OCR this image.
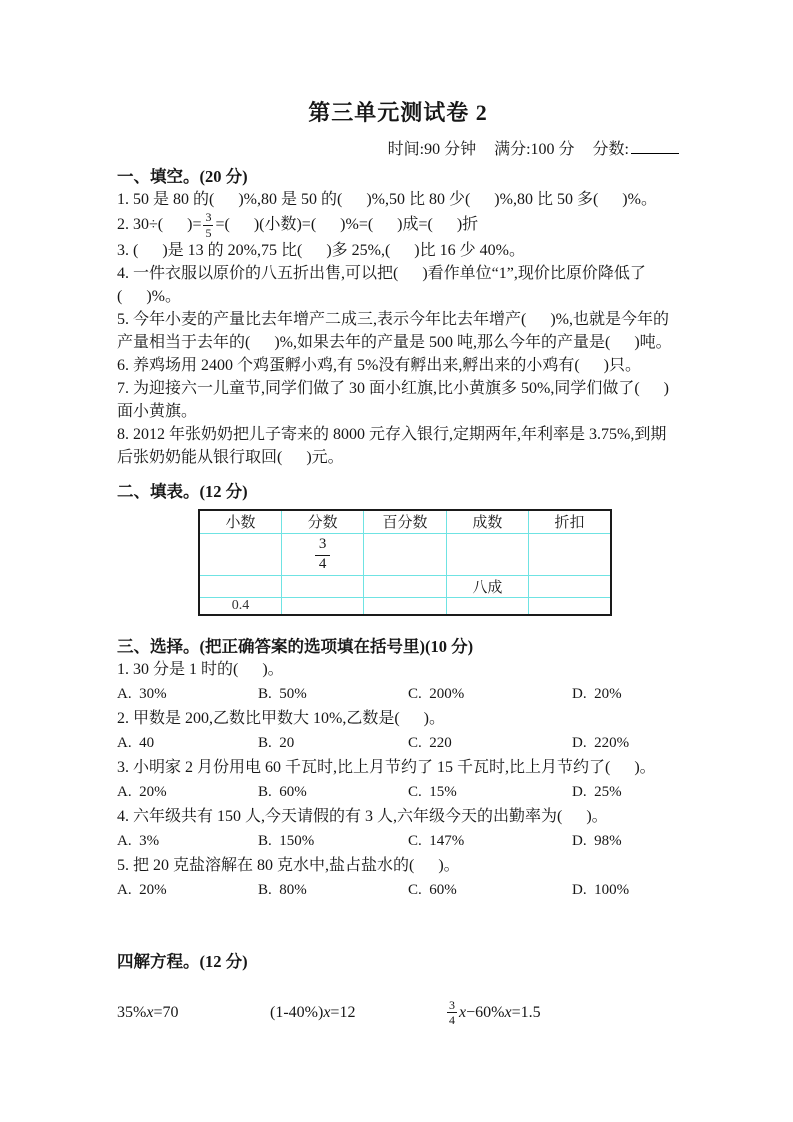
第三单元测试卷 2
时间:90 分钟 满分:100 分 分数:
一、填空。(20 分)

1. 50 是 80 的(      )%,80 是 50 的(      )%,50 比 80 少(      )%,80 比 50 多(      )%。

2. 30÷(      )= $\frac{3}{5}$ =(      )(小数)=(      )%=(      )成=(      )折

3. (      )是 13 的 20%,75 比(      )多 25%,(      )比 16 少 40%。

4. 一件衣服以原价的八五折出售,可以把(      )看作单位“1”,现价比原价降低了(      )%。

5. 今年小麦的产量比去年增产二成三,表示今年比去年增产(      )%,也就是今年的产量相当于去年的(      )%,如果去年的产量是 500 吨,那么今年的产量是(      )吨。

6. 养鸡场用 2400 个鸡蛋孵小鸡,有 5%没有孵出来,孵出来的小鸡有(      )只。

7. 为迎接六一儿童节,同学们做了 30 面小红旗,比小黄旗多 50%,同学们做了(      )面小黄旗。

8. 2012 年张奶奶把儿子寄来的 8000 元存入银行,定期两年,年利率是 3.75%,到期后张奶奶能从银行取回(      )元。

二、填表。(12 分)
小数	分数	百分数	成数	折扣

	$\frac{3}{4}$

			八成	
0.4				
三、选择。(把正确答案的选项填在括号里)(10 分)

1. 30 分是 1 时的(      )。

A.  30%	B.  50%	C.  200%	D.  20%

2. 甲数是 200,乙数比甲数大 10%,乙数是(      )。

A.  40	B.  20	C.  220	D.  220%

3. 小明家 2 月份用电 60 千瓦时,比上月节约了 15 千瓦时,比上月节约了(      )。

A.  20%	B.  60%	C.  15%	D.  25%

4. 六年级共有 150 人,今天请假的有 3 人,六年级今天的出勤率为(      )。

A.  3%	B.  150%	C.  147%	D.  98%

5. 把 20 克盐溶解在 80 克水中,盐占盐水的(      )。

A.  20%	B.  80%	C.  60%	D.  100%
四解方程。(12 分)
35%x=70	(1-40%)x=12	$\frac{3}{4} x-60\%x=1.5$
